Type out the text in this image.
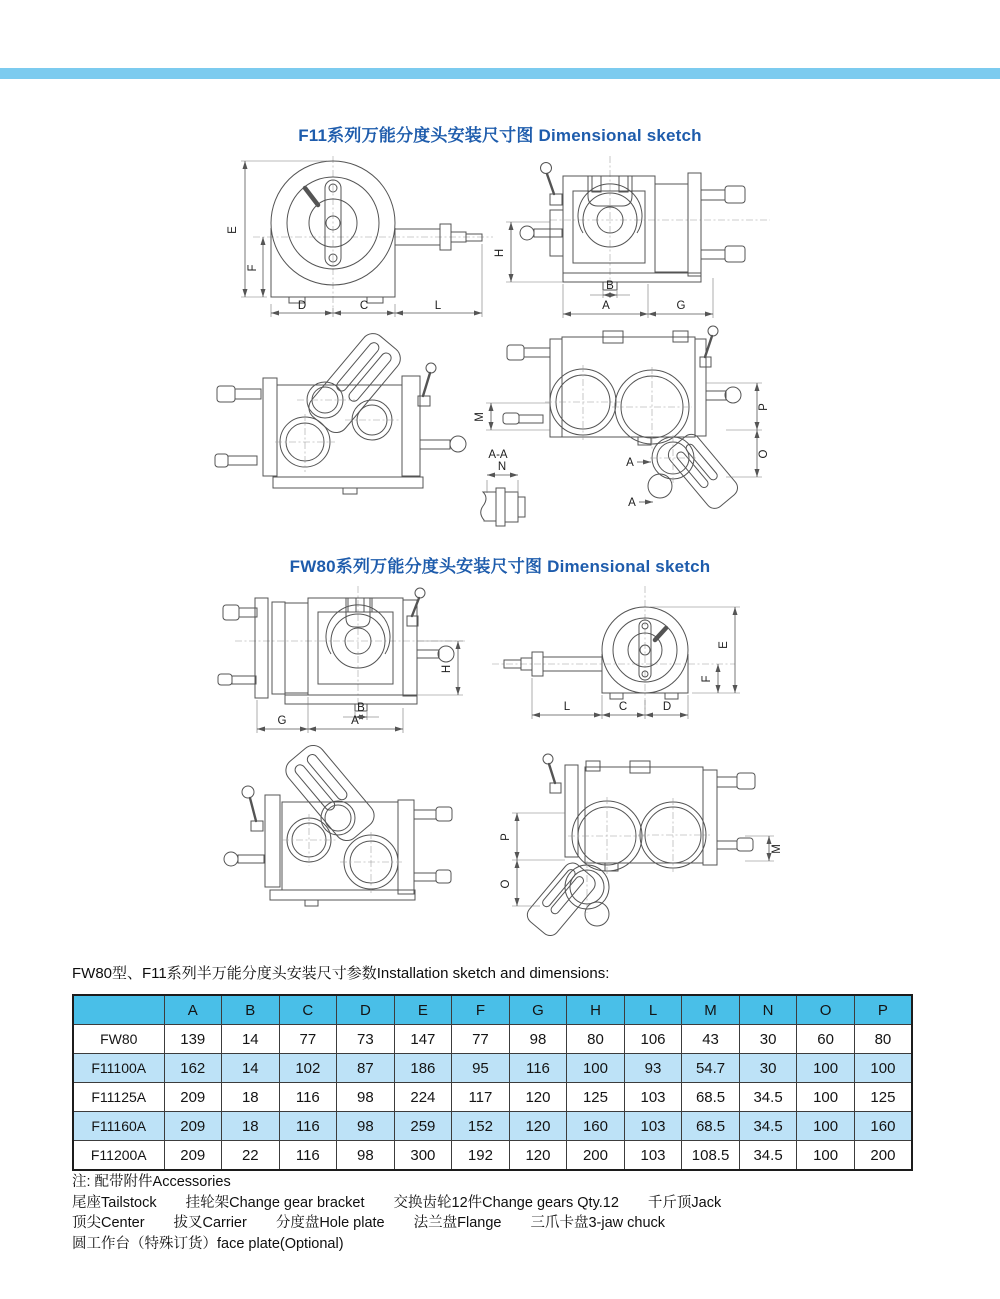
F11系列万能分度头安装尺寸图 Dimensional sketch
E
F
D	C	L
H
B
A	G
M
P
O
A-A
N	A
A
FW80系列万能分度头安装尺寸图 Dimensional sketch
H
B
G	A
L	C	D
F
E
P
O
M
FW80型、F11系列半万能分度头安装尺寸参数Installation sketch and dimensions:
	A	B	C	D	E	F	G	H	L	M	N	O	P
FW80	139	14	77	73	147	77	98	80	106	43	30	60	80
F11100A	162	14	102	87	186	95	116	100	93	54.7	30	100	100
F11125A	209	18	116	98	224	117	120	125	103	68.5	34.5	100	125
F11160A	209	18	116	98	259	152	120	160	103	68.5	34.5	100	160
F11200A	209	22	116	98	300	192	120	200	103	108.5	34.5	100	200
注: 配带附件Accessories
尾座Tailstock　　挂轮架Change gear bracket　　交换齿轮12件Change gears Qty.12　　千斤顶Jack
顶尖Center　　拔叉Carrier　　分度盘Hole plate　　法兰盘Flange　　三爪卡盘3-jaw chuck
圆工作台（特殊订货）face plate(Optional)
